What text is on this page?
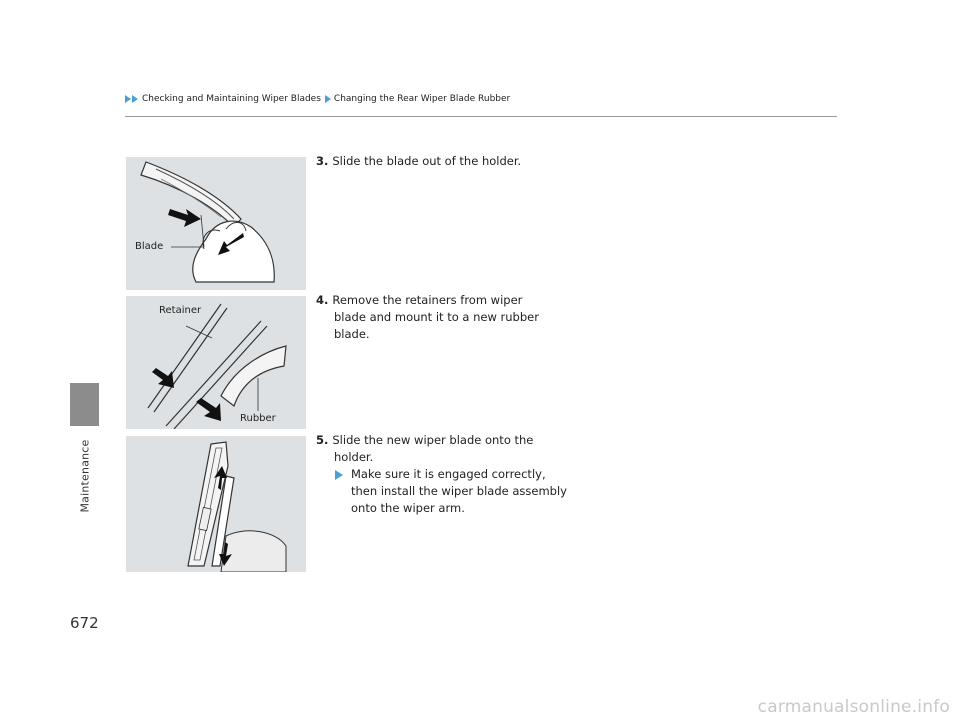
Maintenance
Checking and Maintaining Wiper Blades Changing the Rear Wiper Blade Rubber
Blade
Retainer
Rubber
3. Slide the blade out of the holder.
4. Remove the retainers from wiper blade and mount it to a new rubber blade.
5. Slide the new wiper blade onto the holder.
Make sure it is engaged correctly, then install the wiper blade assembly onto the wiper arm.
672
carmanualsonline.info
